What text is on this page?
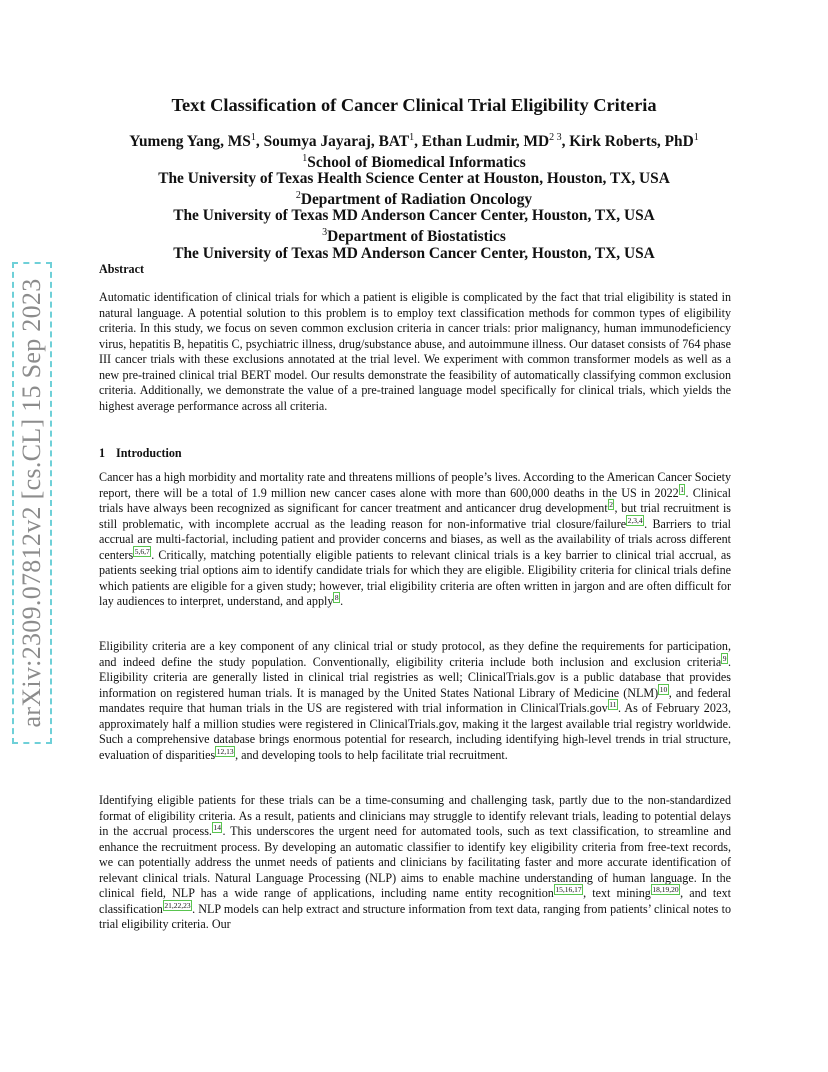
arXiv:2309.07812v2 [cs.CL] 15 Sep 2023
Text Classification of Cancer Clinical Trial Eligibility Criteria
Yumeng Yang, $MS^1$, Soumya Jayaraj, BAT$^1$, Ethan Ludmir, $MD^{2 3}$, Kirk Roberts, PhD$^1$
$^1$School of Biomedical Informatics
The University of Texas Health Science Center at Houston, Houston, TX, USA
$^2$Department of Radiation Oncology
The University of Texas MD Anderson Cancer Center, Houston, TX, USA
$^3$Department of Biostatistics
The University of Texas MD Anderson Cancer Center, Houston, TX, USA
Abstract

Automatic identification of clinical trials for which a patient is eligible is complicated by the fact that trial eligibility is stated in natural language. A potential solution to this problem is to employ text classification methods for common types of eligibility criteria. In this study, we focus on seven common exclusion criteria in cancer trials: prior malignancy, human immunodeficiency virus, hepatitis B, hepatitis C, psychiatric illness, drug/substance abuse, and autoimmune illness. Our dataset consists of 764 phase III cancer trials with these exclusions annotated at the trial level. We experiment with common transformer models as well as a new pre-trained clinical trial BERT model. Our results demonstrate the feasibility of automatically classifying common exclusion criteria. Additionally, we demonstrate the value of a pre-trained language model specifically for clinical trials, which yields the highest average performance across all criteria.

1 Introduction

Cancer has a high morbidity and mortality rate and threatens millions of people’s lives. According to the American Cancer Society report, there will be a total of 1.9 million new cancer cases alone with more than 600,000 deaths in the US in 2022 $^1$ . Clinical trials have always been recognized as significant for cancer treatment and anticancer drug development $^2$ , but trial recruitment is still problematic, with incomplete accrual as the leading reason for non-informative trial closure/failure $^{2,3,4}$ . Barriers to trial accrual are multi-factorial, including patient and provider concerns and biases, as well as the availability of trials across different centers $^{5,6,7}$ . Critically, matching potentially eligible patients to relevant clinical trials is a key barrier to clinical trial accrual, as patients seeking trial options aim to identify candidate trials for which they are eligible. Eligibility criteria for clinical trials define which patients are eligible for a given study; however, trial eligibility criteria are often written in jargon and are often difficult for lay audiences to interpret, understand, and apply $^8$ .

Eligibility criteria are a key component of any clinical trial or study protocol, as they define the requirements for participation, and indeed define the study population. Conventionally, eligibility criteria include both inclusion and exclusion criteria $^9$ . Eligibility criteria are generally listed in clinical trial registries as well; ClinicalTrials.gov is a public database that provides information on registered human trials. It is managed by the United States National Library of Medicine (NLM) $^{10}$ , and federal mandates require that human trials in the US are registered with trial information in ClinicalTrials.gov $^{11}$ . As of February 2023, approximately half a million studies were registered in ClinicalTrials.gov, making it the largest available trial registry worldwide. Such a comprehensive database brings enormous potential for research, including identifying high-level trends in trial structure, evaluation of disparities $^{12,13}$ , and developing tools to help facilitate trial recruitment.

Identifying eligible patients for these trials can be a time-consuming and challenging task, partly due to the non-standardized format of eligibility criteria. As a result, patients and clinicians may struggle to identify relevant trials, leading to potential delays in the accrual process. $^{14}$ . This underscores the urgent need for automated tools, such as text classification, to streamline and enhance the recruitment process. By developing an automatic classifier to identify key eligibility criteria from free-text records, we can potentially address the unmet needs of patients and clinicians by facilitating faster and more accurate identification of relevant clinical trials. Natural Language Processing (NLP) aims to enable machine understanding of human language. In the clinical field, NLP has a wide range of applications, including name entity recognition $^{15,16,17}$ , text mining $^{18,19,20}$ , and text classification $^{21,22,23}$ . NLP models can help extract and structure information from text data, ranging from patients’ clinical notes to trial eligibility criteria. Our
